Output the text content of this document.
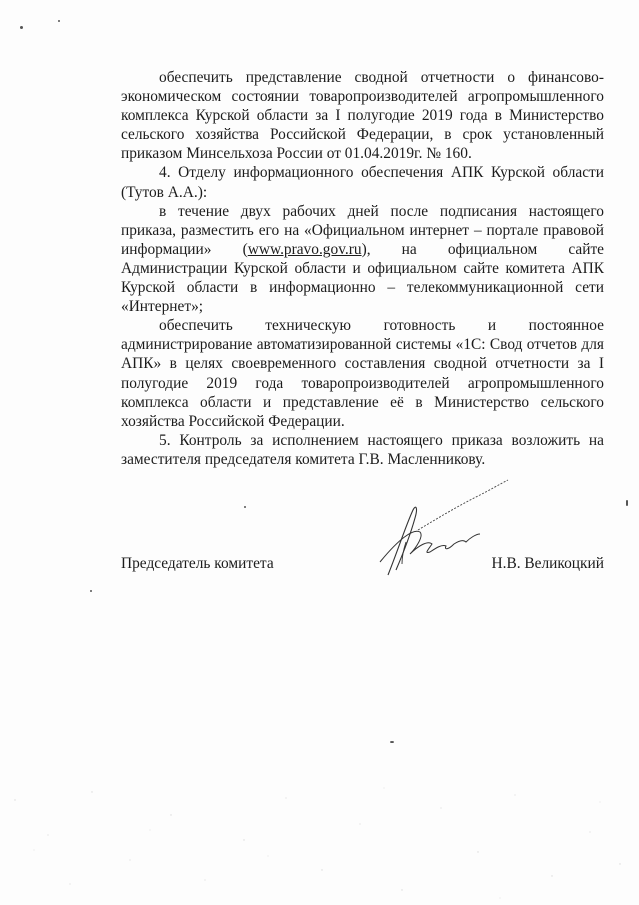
обеспечить представление сводной отчетности о финансово-экономическом состоянии товаропроизводителей агропромышленного комплекса Курской области за I полугодие 2019 года в Министерство сельского хозяйства Российской Федерации, в срок установленный приказом Минсельхоза России от 01.04.2019г. № 160.

4. Отделу информационного обеспечения АПК Курской области (Тутов А.А.):

в течение двух рабочих дней после подписания настоящего приказа, разместить его на «Официальном интернет – портале правовой информации» (www.pravo.gov.ru), на официальном сайте Администрации Курской области и официальном сайте комитета АПК Курской области в информационно – телекоммуникационной сети «Интернет»;

обеспечить техническую готовность и постоянное администрирование автоматизированной системы «1С: Свод отчетов для АПК» в целях своевременного составления сводной отчетности за I полугодие 2019 года товаропроизводителей агропромышленного комплекса области и представление её в Министерство сельского хозяйства Российской Федерации.

5. Контроль за исполнением настоящего приказа возложить на заместителя председателя комитета Г.В. Масленникову.

Председатель комитета	Н.В. Великоцкий
